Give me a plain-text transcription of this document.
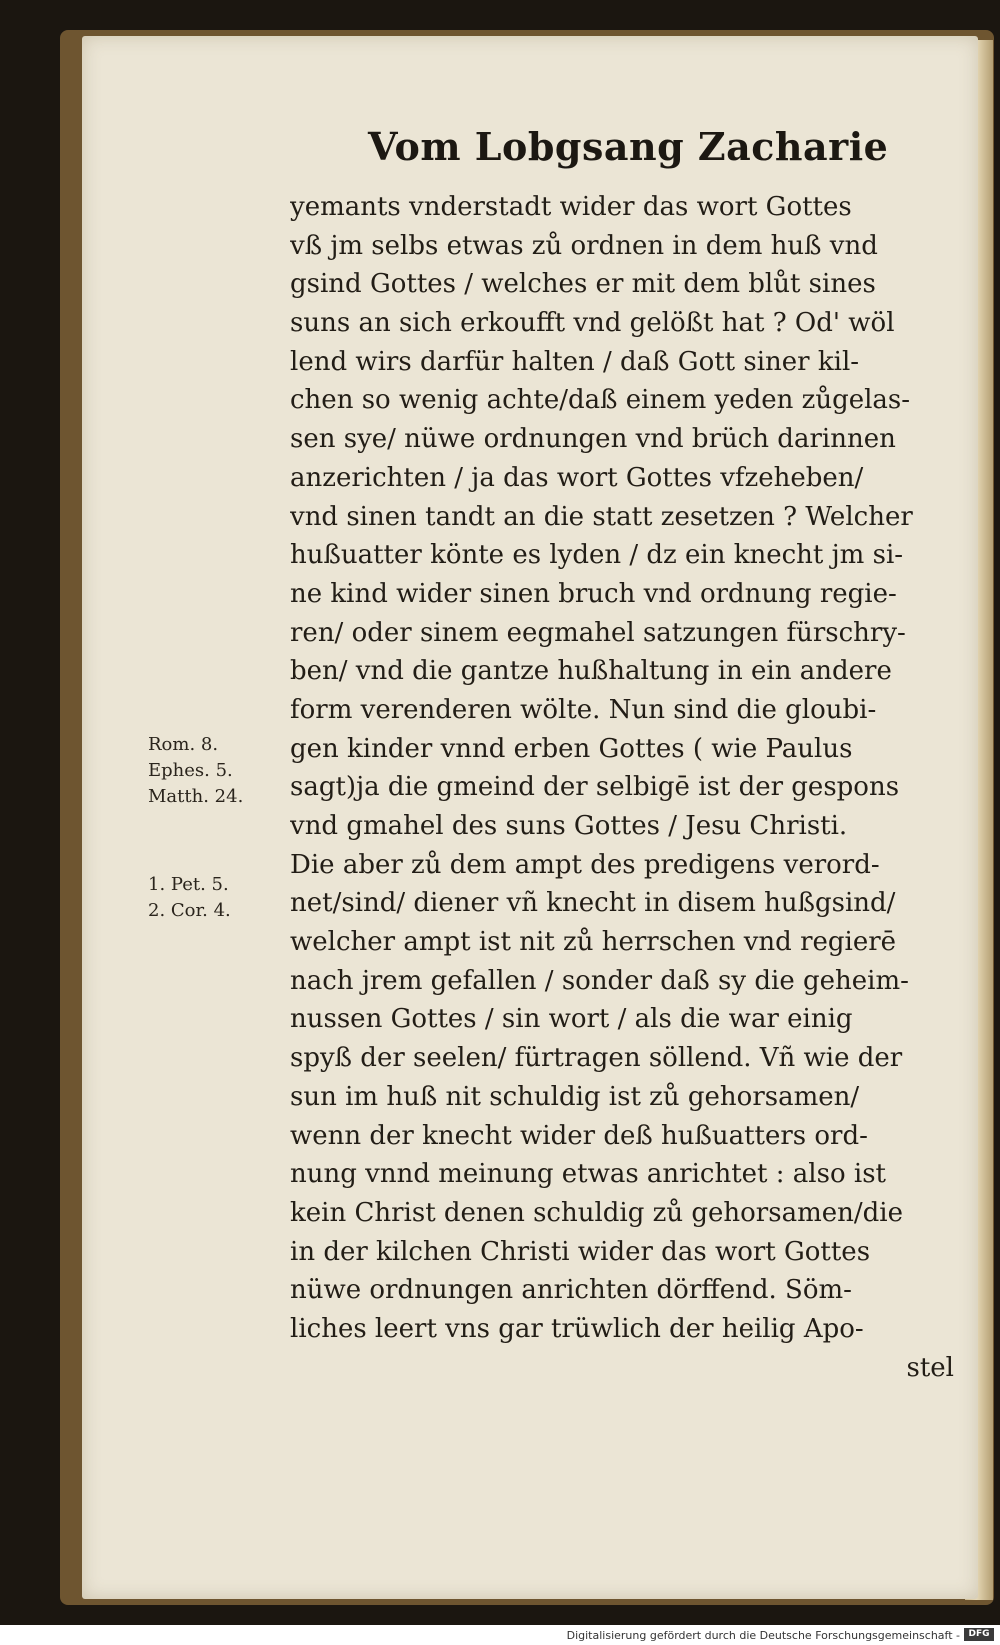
Vom Lobgsang Zacharie
Rom. 8.
Ephes. 5.
Matth. 24.
1. Pet. 5.
2. Cor. 4.
yemants vnderstadt wider das wort Gottes
vß jm selbs etwas zů ordnen in dem huß vnd
gsind Gottes / welches er mit dem blůt sines
suns an sich erkoufft vnd gelößt hat ? Od' wöl
lend wirs darfür halten / daß Gott siner kil-
chen so wenig achte/daß einem yeden zůgelas-
sen sye/ nüwe ordnungen vnd brüch darinnen
anzerichten / ja das wort Gottes vfzeheben/
vnd sinen tandt an die statt zesetzen ? Welcher
hußuatter könte es lyden / dz ein knecht jm si-
ne kind wider sinen bruch vnd ordnung regie-
ren/ oder sinem eegmahel satzungen fürschry-
ben/ vnd die gantze hußhaltung in ein andere
form verenderen wölte. Nun sind die gloubi-
gen kinder vnnd erben Gottes ( wie Paulus
sagt)ja die gmeind der selbigē ist der gespons
vnd gmahel des suns Gottes / Jesu Christi.
Die aber zů dem ampt des predigens verord-
net/sind/ diener vñ knecht in disem hußgsind/
welcher ampt ist nit zů herrschen vnd regierē
nach jrem gefallen / sonder daß sy die geheim-
nussen Gottes / sin wort / als die war einig
spyß der seelen/ fürtragen söllend. Vñ wie der
sun im huß nit schuldig ist zů gehorsamen/
wenn der knecht wider deß hußuatters ord-
nung vnnd meinung etwas anrichtet : also ist
kein Christ denen schuldig zů gehorsamen/die
in der kilchen Christi wider das wort Gottes
nüwe ordnungen anrichten dörffend. Söm-
liches leert vns gar trüwlich der heilig Apo-
stel
Digitalisierung gefördert durch die Deutsche Forschungsgemeinschaft - DFG
